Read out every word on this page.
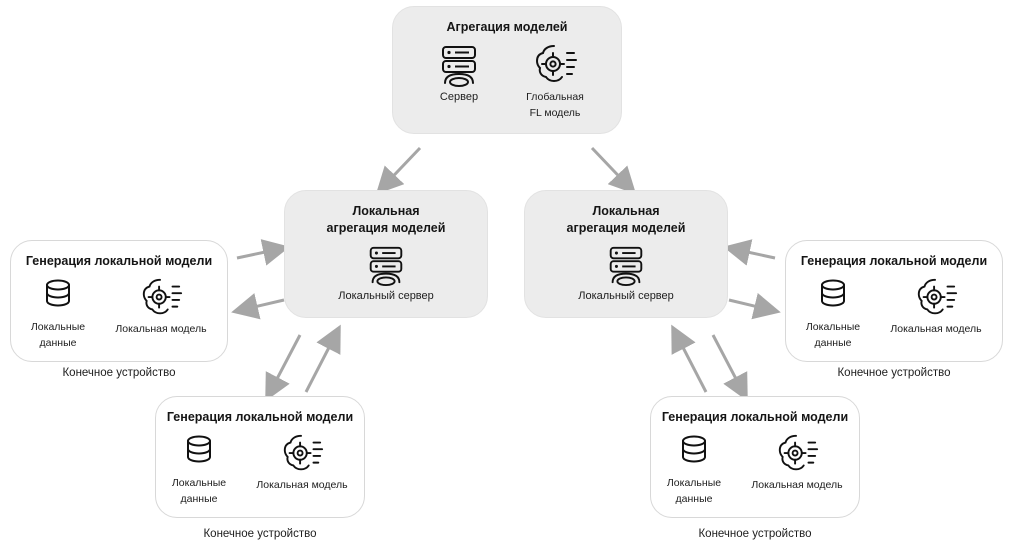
Агрегация моделей
Сервер	Глобальная
FL модель
Локальная
агрегация моделей
Локальный сервер
Локальная
агрегация моделей
Локальный сервер
Генерация локальной модели
Локальные
данные
Локальная модель
Конечное устройство
Генерация локальной модели
Локальные
данные
Локальная модель
Конечное устройство
Генерация локальной модели
Локальные
данные
Локальная модель
Конечное устройство
Генерация локальной модели
Локальные
данные
Локальная модель
Конечное устройство
